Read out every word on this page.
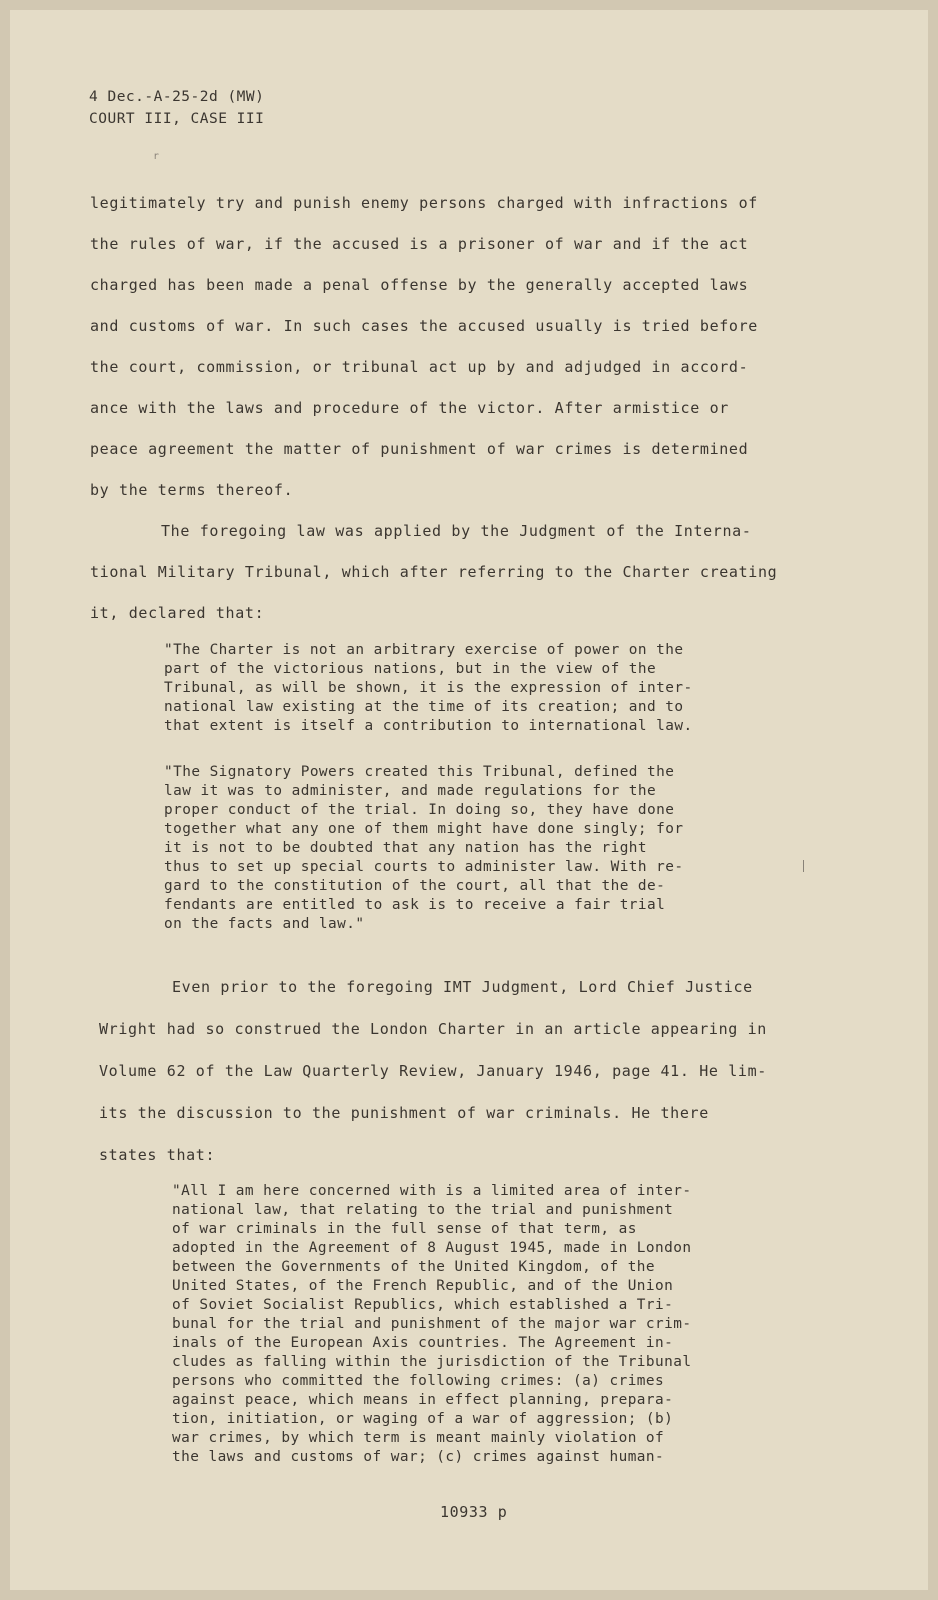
4 Dec.-A-25-2d (MW)
COURT III, CASE III
r
legitimately try and punish enemy persons charged with infractions of
the rules of war, if the accused is a prisoner of war and if the act
charged has been made a penal offense by the generally accepted laws
and customs of war. In such cases the accused usually is tried before
the court, commission, or tribunal act up by and adjudged in accord-
ance with the laws and procedure of the victor. After armistice or
peace agreement the matter of punishment of war crimes is determined
by the terms thereof.
The foregoing law was applied by the Judgment of the Interna-
tional Military Tribunal, which after referring to the Charter creating
it, declared that:
"The Charter is not an arbitrary exercise of power on the
part of the victorious nations, but in the view of the
Tribunal, as will be shown, it is the expression of inter-
national law existing at the time of its creation; and to
that extent is itself a contribution to international law.
"The Signatory Powers created this Tribunal, defined the
law it was to administer, and made regulations for the
proper conduct of the trial. In doing so, they have done
together what any one of them might have done singly; for
it is not to be doubted that any nation has the right
thus to set up special courts to administer law. With re-
gard to the constitution of the court, all that the de-
fendants are entitled to ask is to receive a fair trial
on the facts and law."
Even prior to the foregoing IMT Judgment, Lord Chief Justice
Wright had so construed the London Charter in an article appearing in
Volume 62 of the Law Quarterly Review, January 1946, page 41. He lim-
its the discussion to the punishment of war criminals. He there
states that:
"All I am here concerned with is a limited area of inter-
national law, that relating to the trial and punishment
of war criminals in the full sense of that term, as
adopted in the Agreement of 8 August 1945, made in London
between the Governments of the United Kingdom, of the
United States, of the French Republic, and of the Union
of Soviet Socialist Republics, which established a Tri-
bunal for the trial and punishment of the major war crim-
inals of the European Axis countries. The Agreement in-
cludes as falling within the jurisdiction of the Tribunal
persons who committed the following crimes: (a) crimes
against peace, which means in effect planning, prepara-
tion, initiation, or waging of a war of aggression; (b)
war crimes, by which term is meant mainly violation of
the laws and customs of war; (c) crimes against human-
10933 p
